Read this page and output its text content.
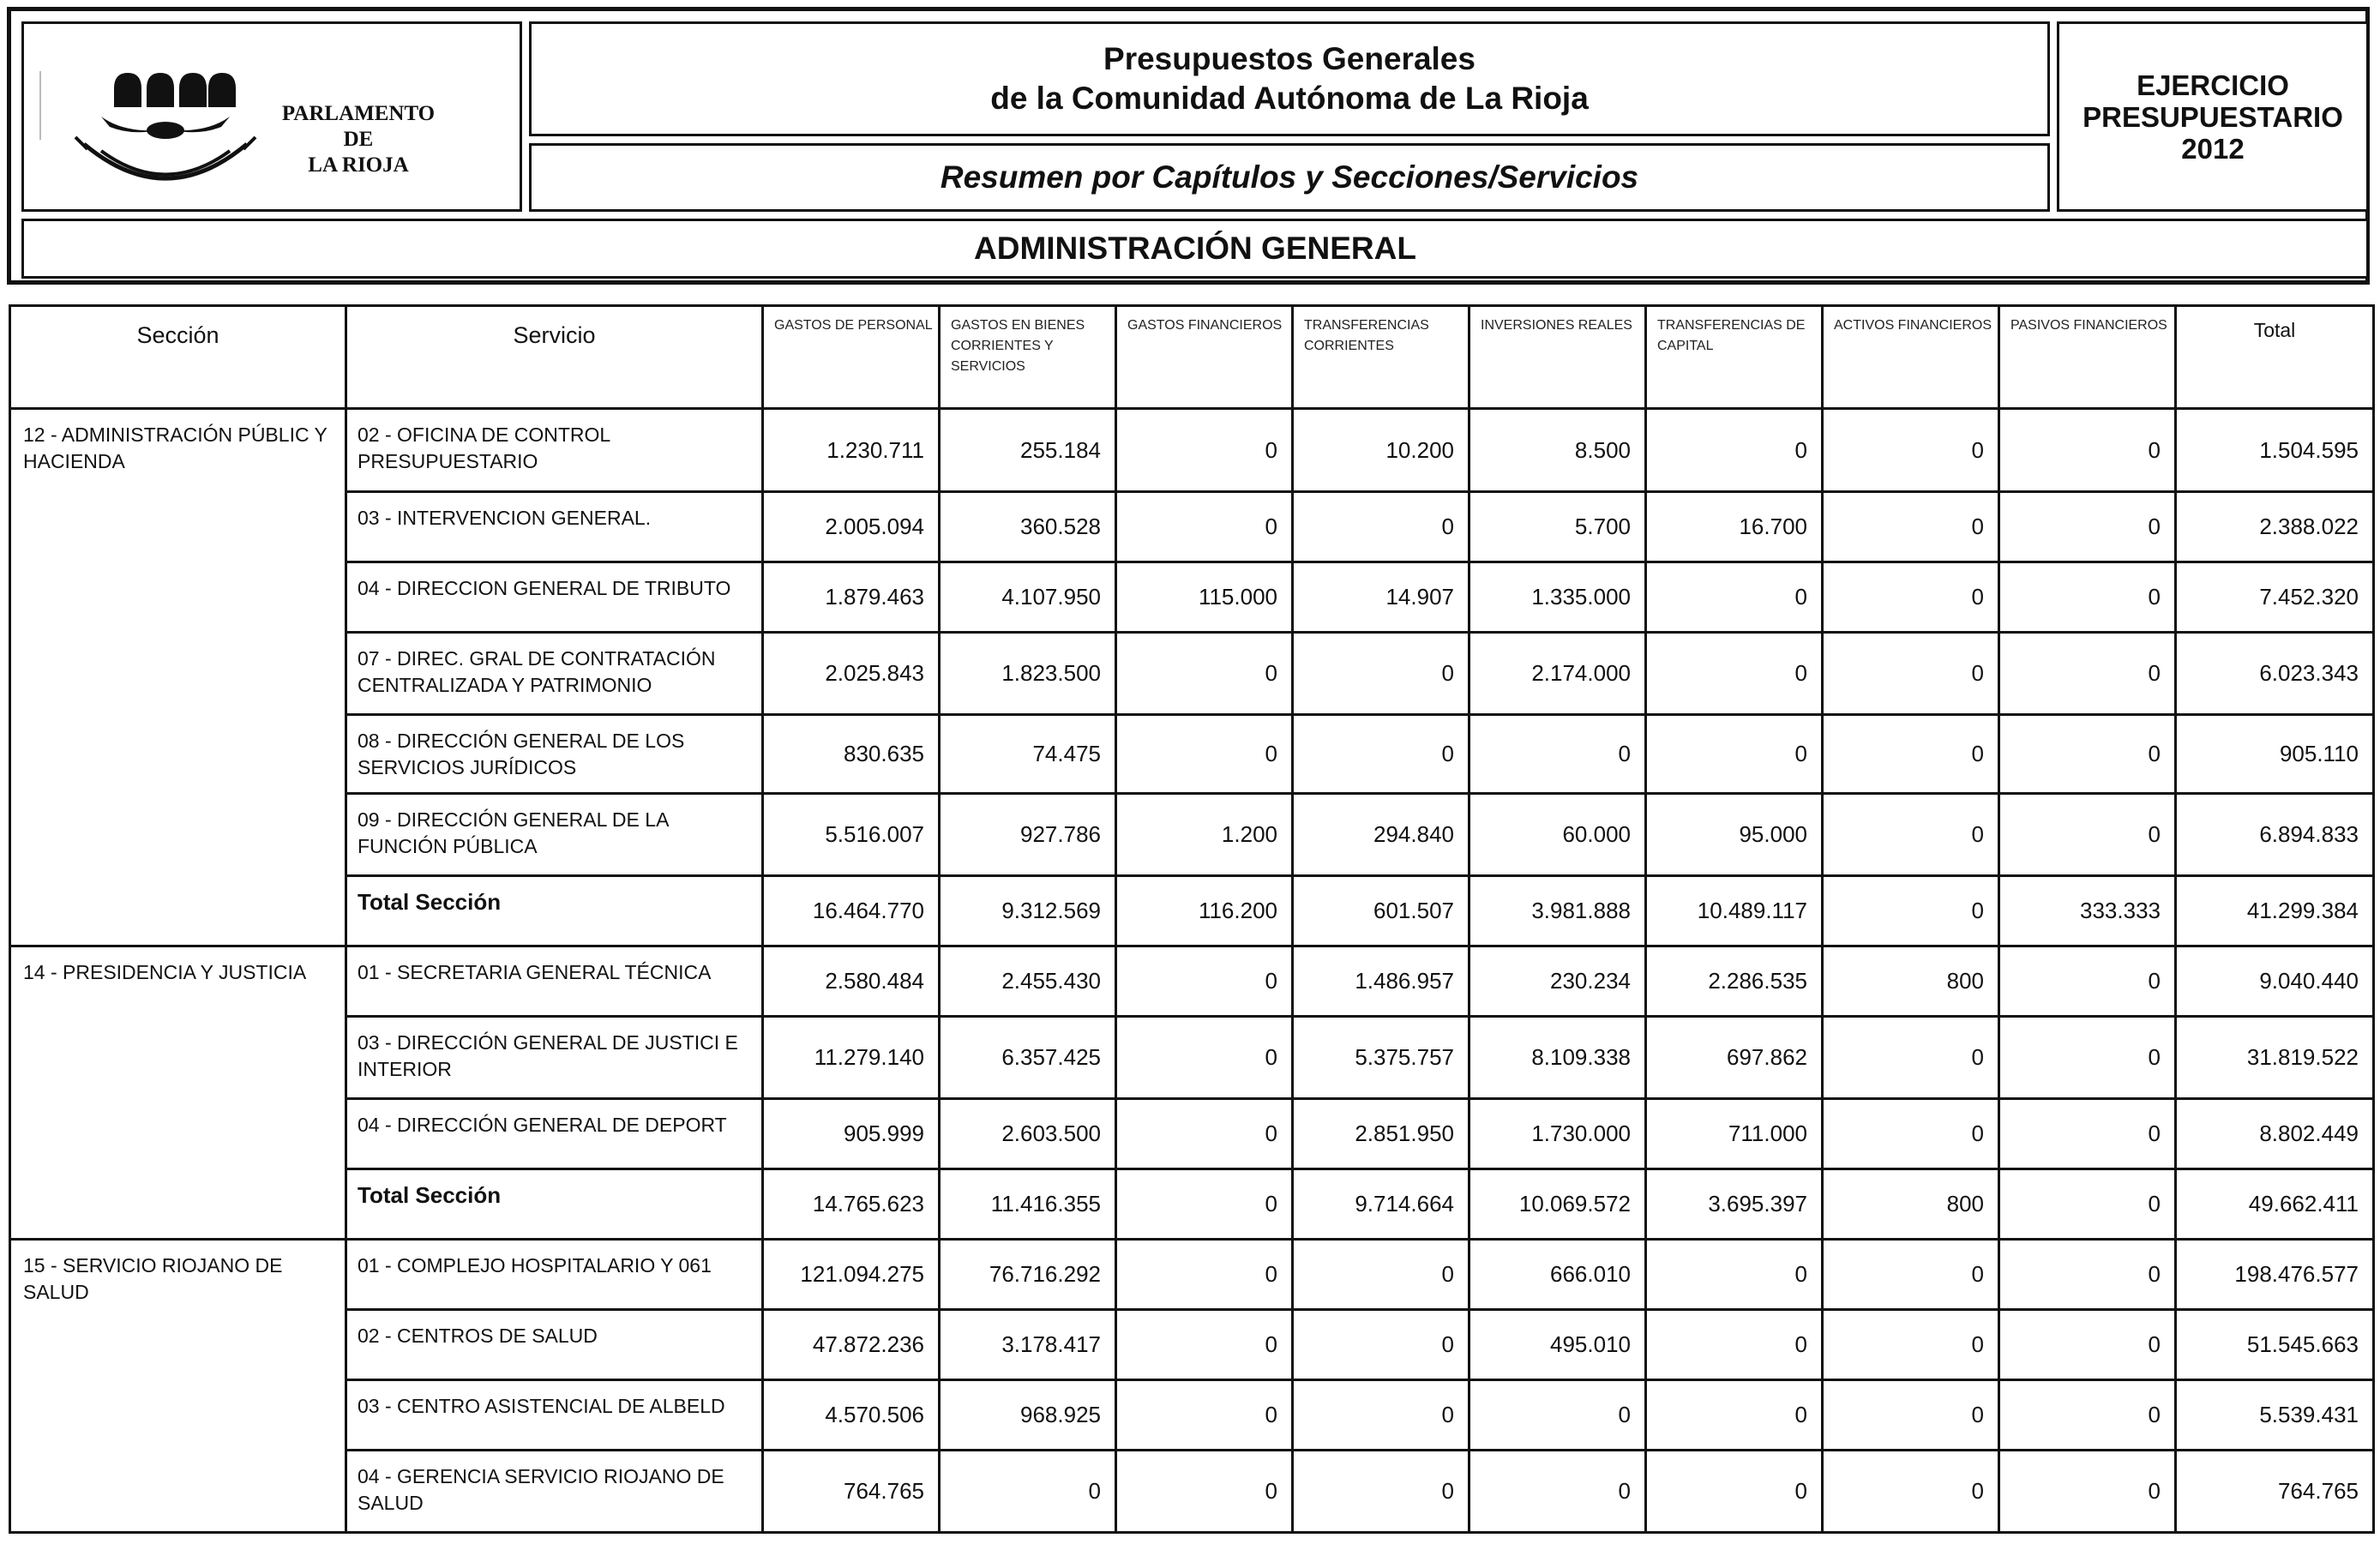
PARLAMENTO DE
LA RIOJA
Presupuestos Generales
de la Comunidad Autónoma de La Rioja
Resumen por Capítulos y Secciones/Servicios
EJERCICIO
PRESUPUESTARIO
2012
ADMINISTRACIÓN GENERAL
Sección	Servicio	GASTOS DE PERSONAL	GASTOS EN BIENES CORRIENTES Y SERVICIOS	GASTOS FINANCIEROS	TRANSFERENCIAS CORRIENTES	INVERSIONES REALES	TRANSFERENCIAS DE CAPITAL	ACTIVOS FINANCIEROS	PASIVOS FINANCIEROS	Total
12 - ADMINISTRACIÓN PÚBLIC Y HACIENDA	02 - OFICINA DE CONTROL PRESUPUESTARIO	1.230.711	255.184	0	10.200	8.500	0	0	0	1.504.595
	03 - INTERVENCION GENERAL.	2.005.094	360.528	0	0	5.700	16.700	0	0	2.388.022
	04 - DIRECCION GENERAL DE TRIBUTO	1.879.463	4.107.950	115.000	14.907	1.335.000	0	0	0	7.452.320
	07 - DIREC. GRAL DE CONTRATACIÓN CENTRALIZADA Y PATRIMONIO	2.025.843	1.823.500	0	0	2.174.000	0	0	0	6.023.343
	08 - DIRECCIÓN GENERAL DE LOS SERVICIOS JURÍDICOS	830.635	74.475	0	0	0	0	0	0	905.110
	09 - DIRECCIÓN GENERAL DE LA FUNCIÓN PÚBLICA	5.516.007	927.786	1.200	294.840	60.000	95.000	0	0	6.894.833
	Total Sección	16.464.770	9.312.569	116.200	601.507	3.981.888	10.489.117	0	333.333	41.299.384
14 - PRESIDENCIA Y JUSTICIA	01 - SECRETARIA GENERAL TÉCNICA	2.580.484	2.455.430	0	1.486.957	230.234	2.286.535	800	0	9.040.440
	03 - DIRECCIÓN GENERAL DE JUSTICI E INTERIOR	11.279.140	6.357.425	0	5.375.757	8.109.338	697.862	0	0	31.819.522
	04 - DIRECCIÓN GENERAL DE DEPORT	905.999	2.603.500	0	2.851.950	1.730.000	711.000	0	0	8.802.449
	Total Sección	14.765.623	11.416.355	0	9.714.664	10.069.572	3.695.397	800	0	49.662.411
15 - SERVICIO RIOJANO DE SALUD	01 - COMPLEJO HOSPITALARIO Y 061	121.094.275	76.716.292	0	0	666.010	0	0	0	198.476.577
	02 - CENTROS DE SALUD	47.872.236	3.178.417	0	0	495.010	0	0	0	51.545.663
	03 - CENTRO ASISTENCIAL DE ALBELD	4.570.506	968.925	0	0	0	0	0	0	5.539.431
	04 - GERENCIA SERVICIO RIOJANO DE SALUD	764.765	0	0	0	0	0	0	0	764.765
